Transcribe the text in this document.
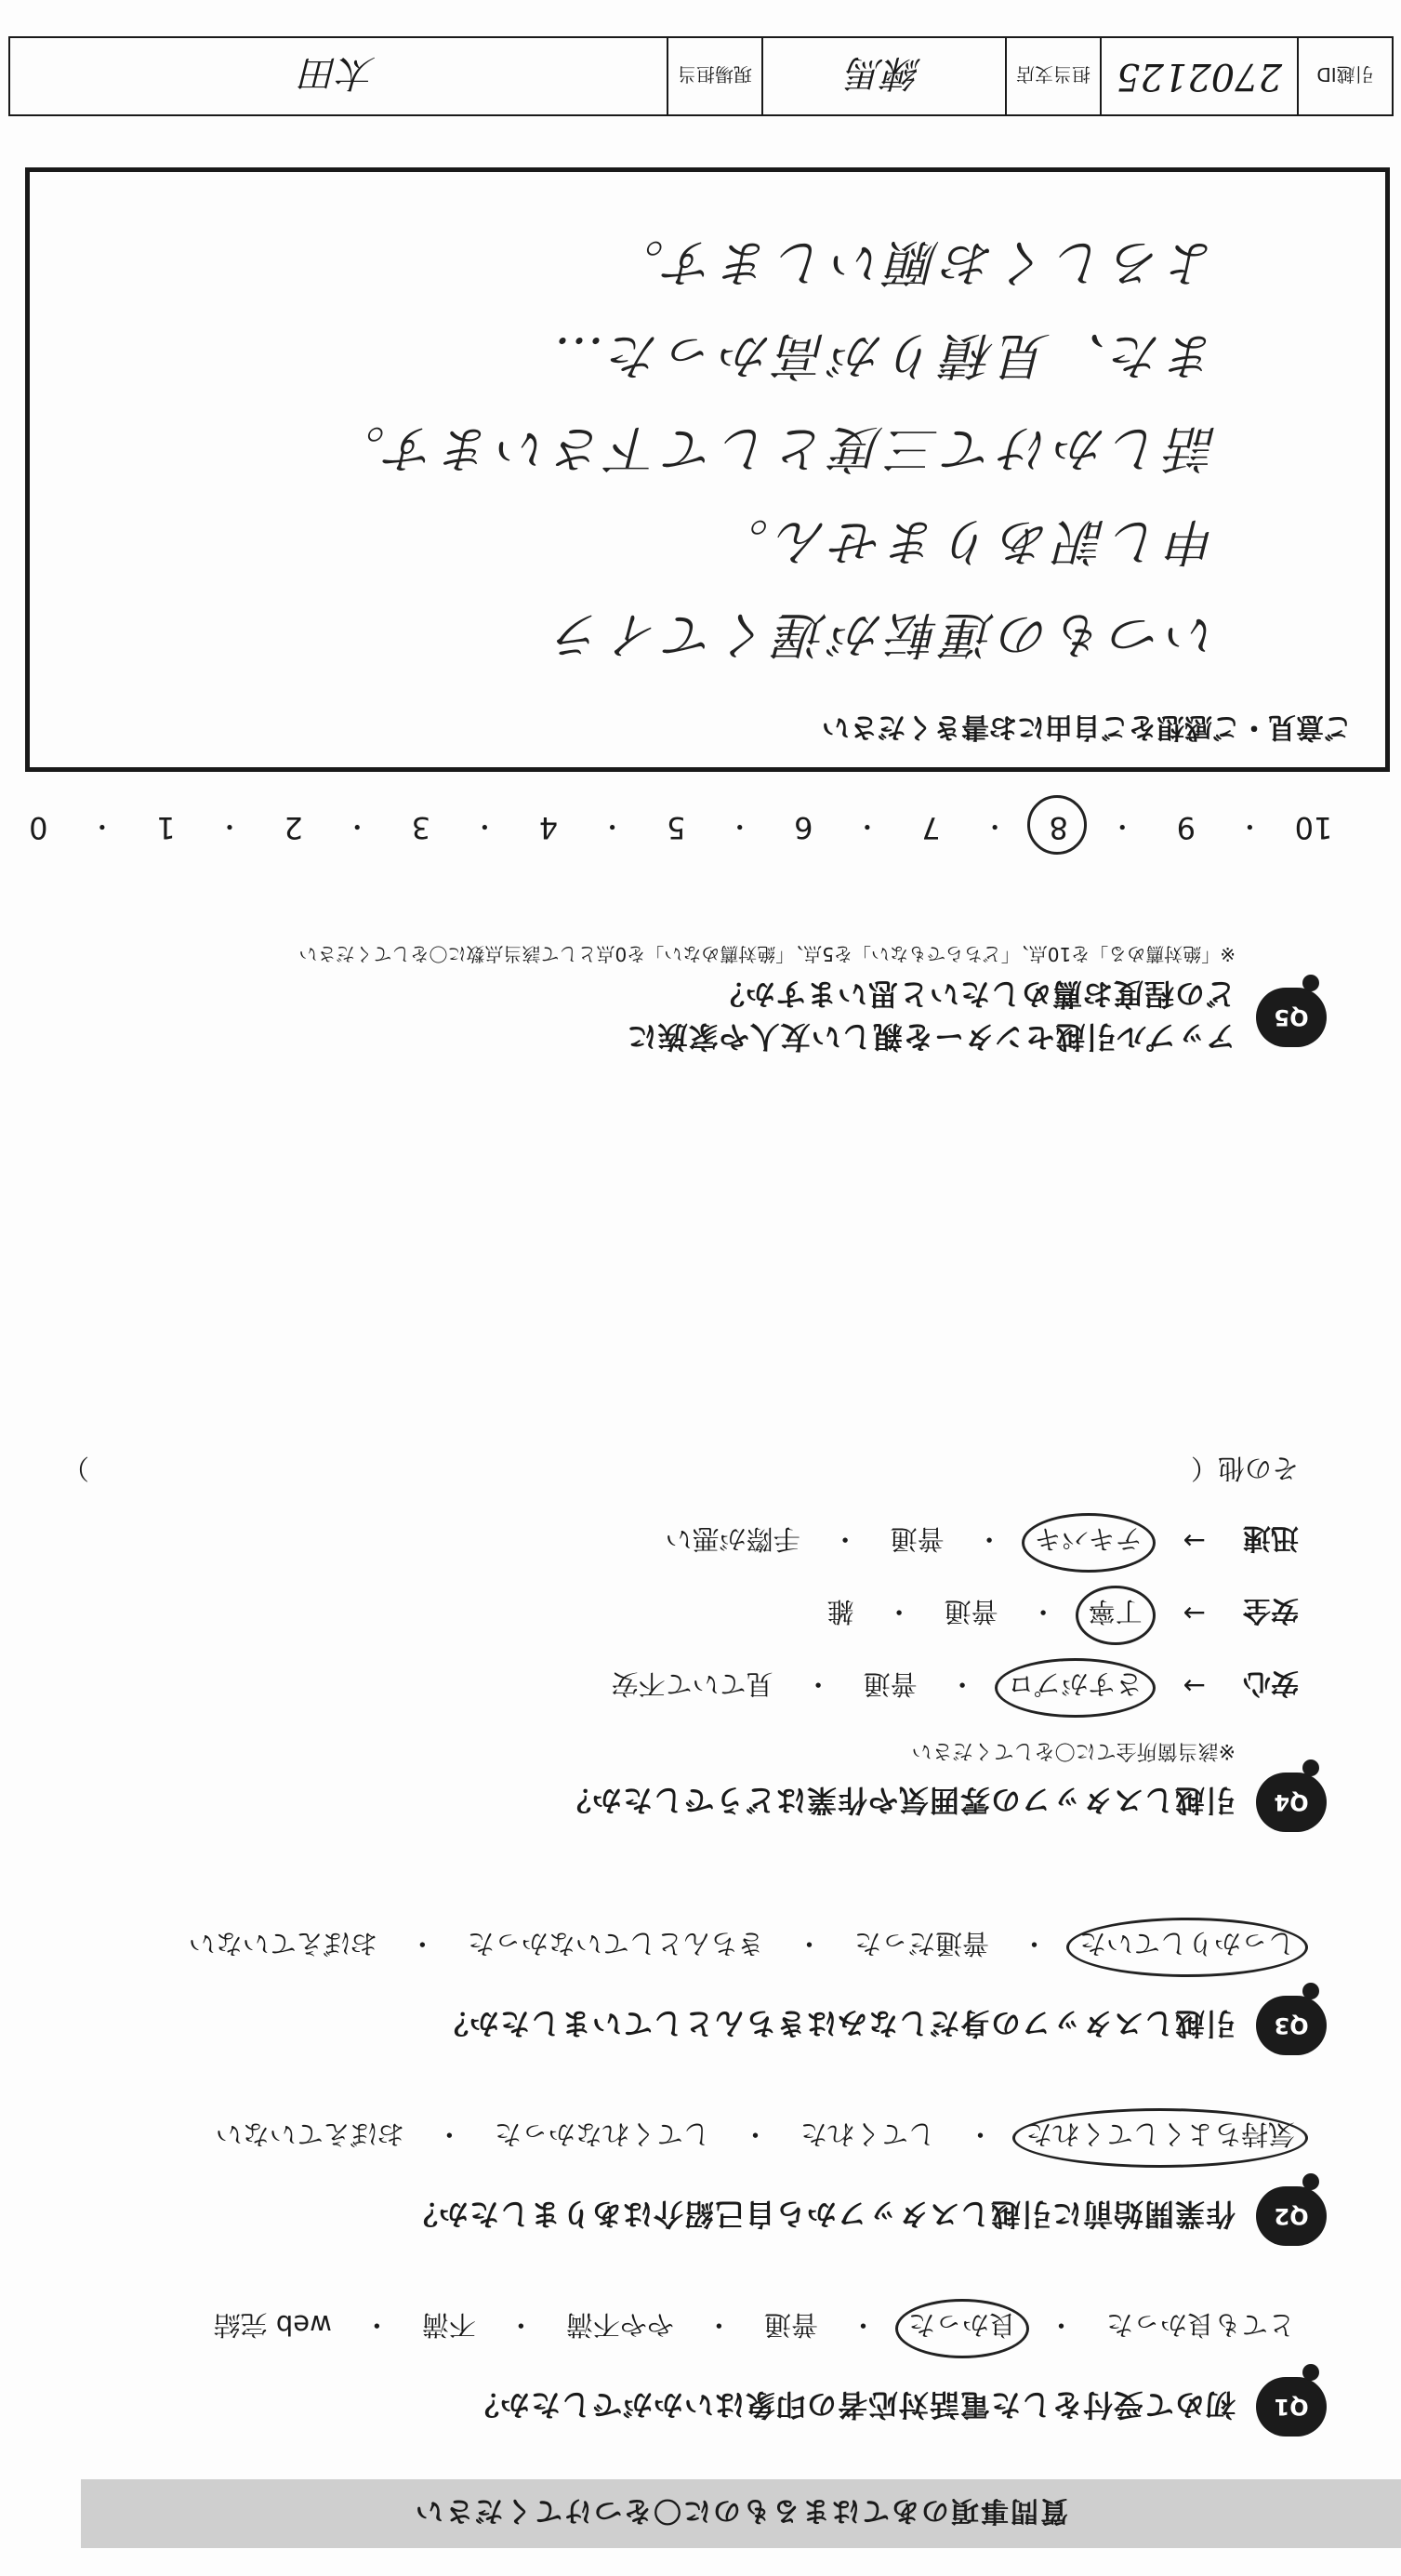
質問事項のあてはまるものに〇をつけてください
Q1
初めて受付をした電話対応者の印象はいかがでしたか？
とても良かった
・
良かった
・
普通
・
やや不満
・
不満
・
web 完結
Q2
作業開始前に引越しスタッフから自己紹介はありましたか？
気持ちよくしてくれた
・
してくれた
・
してくれなかった
・
おぼえていない
Q3
引越しスタッフの身だしなみはきちんとしていましたか？
しっかりしていた
・
普通だった
・
きちんとしていなかった
・
おぼえていない
Q4
引越しスタッフの雰囲気や作業はどうでしたか？
※該当箇所全てに〇をしてください
安心
→
さすがプロ
・
普通
・
見ていて不安
安全
→
丁寧
・
普通
・
雑
迅速
→
テキパキ
・
普通
・
手際が悪い
その他（
）
Q5
アップル引越センターを親しい友人や家族に
どの程度お薦めしたいと思いますか？
※「絶対薦める」を10点、「どちらでもない」を5点、「絶対薦めない」を0点として該当点数に〇をしてください
10
・
9
・
8
・
7
・
6
・
5
・
4
・
3
・
2
・
1
・
0
ご意見・ご感想をご自由にお書きください
いつもの運転が遅くてイラ
申し訳ありません。
話しかけて三度として下さいます。
また、見積りが高かった…
よろしくお願いします。
引越ID
2702125
担当支店
練馬
現場担当
太田
